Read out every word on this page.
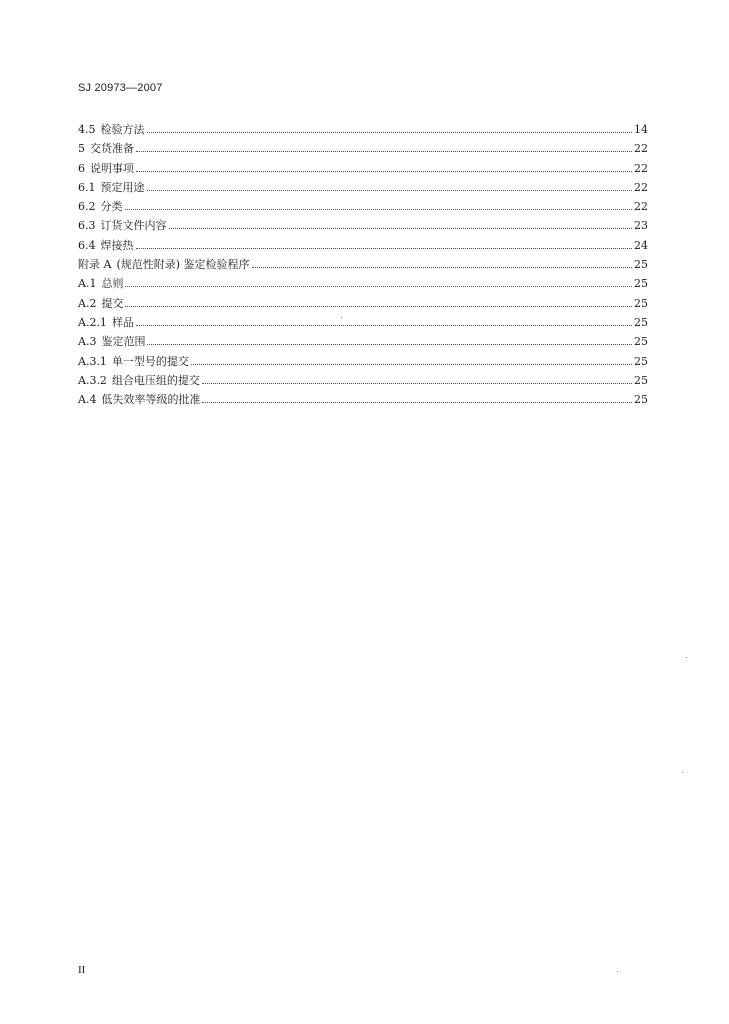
SJ 20973—2007
4.5 检验方法	14
5 交货准备	22
6 说明事项	22
6.1 预定用途	22
6.2 分类	22
6.3 订货文件内容	23
6.4 焊接热	24
附录 A (规范性附录) 鉴定检验程序	25
A.1 总则	25
A.2 提交	25
A.2.1 样品	25
A.3 鉴定范围	25
A.3.1 单一型号的提交	25
A.3.2 组合电压组的提交	25
A.4 低失效率等级的批准	25
II
